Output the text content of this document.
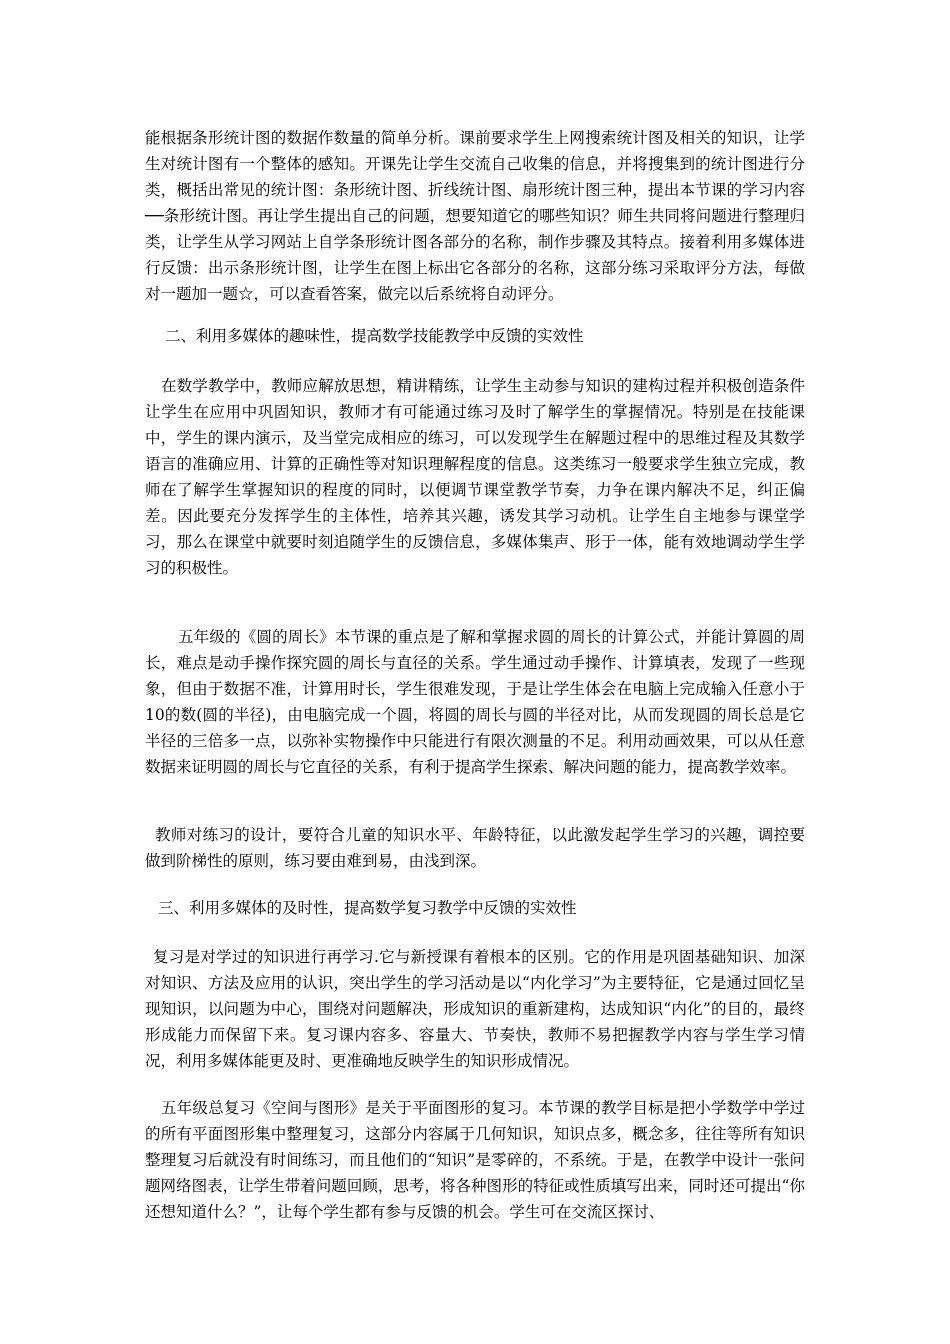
能根据条形统计图的数据作数量的简单分析。课前要求学生上网搜索统计图及相关的知识，让学生对统计图有一个整体的感知。开课先让学生交流自己收集的信息，并将搜集到的统计图进行分类，概括出常见的统计图：条形统计图、折线统计图、扇形统计图三种，提出本节课的学习内容──条形统计图。再让学生提出自己的问题，想要知道它的哪些知识？师生共同将问题进行整理归类，让学生从学习网站上自学条形统计图各部分的名称，制作步骤及其特点。接着利用多媒体进行反馈：出示条形统计图，让学生在图上标出它各部分的名称，这部分练习采取评分方法，每做对一题加一题☆，可以查看答案，做完以后系统将自动评分。

二、利用多媒体的趣味性，提高数学技能教学中反馈的实效性

在数学教学中，教师应解放思想，精讲精练，让学生主动参与知识的建构过程并积极创造条件让学生在应用中巩固知识，教师才有可能通过练习及时了解学生的掌握情况。特别是在技能课中，学生的课内演示，及当堂完成相应的练习，可以发现学生在解题过程中的思维过程及其数学语言的准确应用、计算的正确性等对知识理解程度的信息。这类练习一般要求学生独立完成，教师在了解学生掌握知识的程度的同时，以便调节课堂教学节奏，力争在课内解决不足，纠正偏差。因此要充分发挥学生的主体性，培养其兴趣，诱发其学习动机。让学生自主地参与课堂学习，那么在课堂中就要时刻追随学生的反馈信息，多媒体集声、形于一体，能有效地调动学生学习的积极性。

五年级的《圆的周长》本节课的重点是了解和掌握求圆的周长的计算公式，并能计算圆的周长，难点是动手操作探究圆的周长与直径的关系。学生通过动手操作、计算填表，发现了一些现象，但由于数据不准，计算用时长，学生很难发现，于是让学生体会在电脑上完成输入任意小于10的数(圆的半径)，由电脑完成一个圆，将圆的周长与圆的半径对比，从而发现圆的周长总是它半径的三倍多一点，以弥补实物操作中只能进行有限次测量的不足。利用动画效果，可以从任意数据来证明圆的周长与它直径的关系，有利于提高学生探索、解决问题的能力，提高教学效率。

教师对练习的设计，要符合儿童的知识水平、年龄特征，以此激发起学生学习的兴趣，调控要做到阶梯性的原则，练习要由难到易，由浅到深。

三、利用多媒体的及时性，提高数学复习教学中反馈的实效性

复习是对学过的知识进行再学习.它与新授课有着根本的区别。它的作用是巩固基础知识、加深对知识、方法及应用的认识，突出学生的学习活动是以“内化学习”为主要特征，它是通过回忆呈现知识，以问题为中心，围绕对问题解决，形成知识的重新建构，达成知识“内化”的目的，最终形成能力而保留下来。复习课内容多、容量大、节奏快，教师不易把握教学内容与学生学习情况，利用多媒体能更及时、更准确地反映学生的知识形成情况。

五年级总复习《空间与图形》是关于平面图形的复习。本节课的教学目标是把小学数学中学过的所有平面图形集中整理复习，这部分内容属于几何知识，知识点多，概念多，往往等所有知识整理复习后就没有时间练习，而且他们的“知识”是零碎的，不系统。于是，在教学中设计一张问题网络图表，让学生带着问题回顾，思考，将各种图形的特征或性质填写出来，同时还可提出“你还想知道什么？”，让每个学生都有参与反馈的机会。学生可在交流区探讨、
